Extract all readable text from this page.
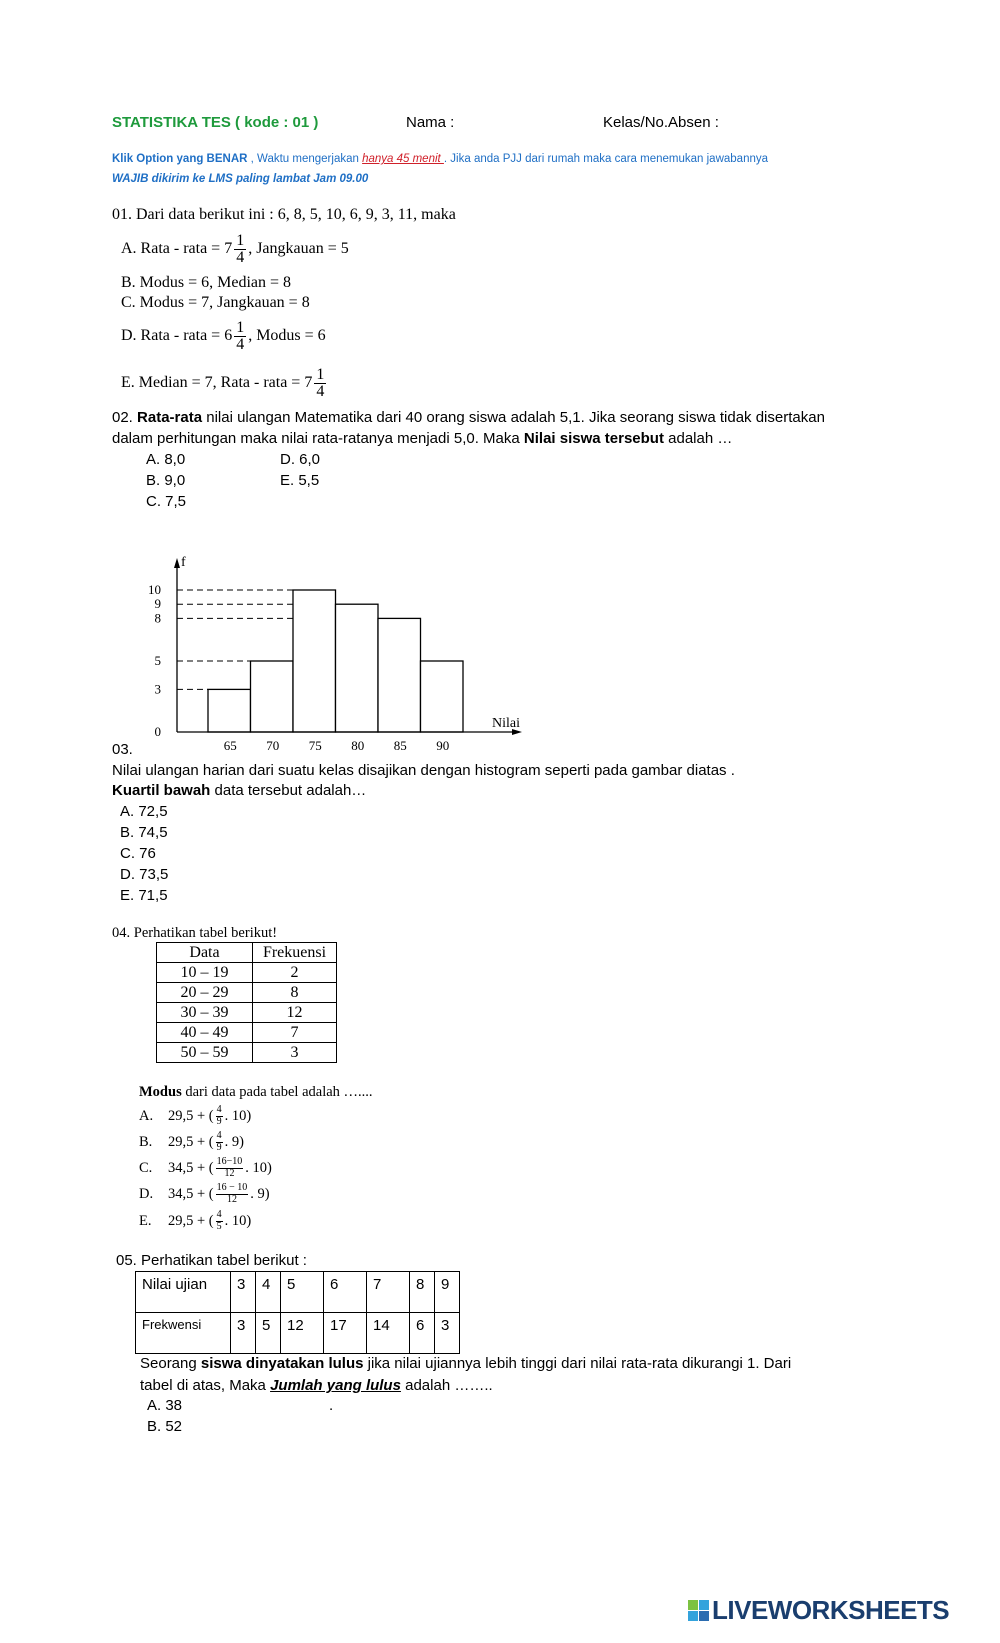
STATISTIKA TES ( kode : 01 )	Nama :	Kelas/No.Absen :
Klik Option yang BENAR , Waktu mengerjakan hanya 45 menit . Jika anda PJJ dari rumah maka cara menemukan jawabannya
WAJIB dikirim ke LMS paling lambat Jam 09.00
01. Dari data berikut ini : 6, 8, 5, 10, 6, 9, 3, 11, maka
A. Rata - rata = $7 \frac{1}{4}$ , Jangkauan = 5
B. Modus = 6, Median = 8
C. Modus = 7, Jangkauan = 8
D. Rata - rata = $6 \frac{1}{4}$ , Modus = 6
E. Median = 7, Rata - rata = $7 \frac{1}{4}$
02. Rata-rata nilai ulangan Matematika dari 40 orang siswa adalah 5,1. Jika seorang siswa tidak disertakan
dalam perhitungan maka nilai rata-ratanya menjadi 5,0. Maka Nilai siswa tersebut adalah …
A. 8,0	D. 6,0
B. 9,0	E. 5,5
C. 7,5
0
3
5
8
9
10
65 70 75 80 85 90
f
Nilai
03.
Nilai ulangan harian dari suatu kelas disajikan dengan histogram seperti pada gambar diatas .
Kuartil bawah data tersebut adalah…
A. 72,5
B. 74,5
C. 76
D. 73,5
E. 71,5
04. Perhatikan tabel berikut!
Data	Frekuensi
10 – 19	2
20 – 29	8
30 – 39	12
40 – 49	7
50 – 59	3
Modus dari data pada tabel adalah …....
A.	29,5 + ( $\frac{4}{9}$ . 10)
B.	29,5 + ( $\frac{4}{9}$ . 9)
C.	34,5 + ( $\frac{16-10}{12}$ . 10)
D.	34,5 + ( $\frac{16 - 10}{12}$ . 9)
E.	29,5 + ( $\frac{4}{5}$ . 10)
05. Perhatikan tabel berikut :
Nilai ujian	3	4	5	6	7	8	9
Frekwensi	3	5	12	17	14	6	3
Seorang siswa dinyatakan lulus jika nilai ujiannya lebih tinggi dari nilai rata-rata dikurangi 1. Dari
tabel di atas, Maka Jumlah yang lulus adalah ……..
A. 38	.
B. 52
LIVEWORKSHEETS
